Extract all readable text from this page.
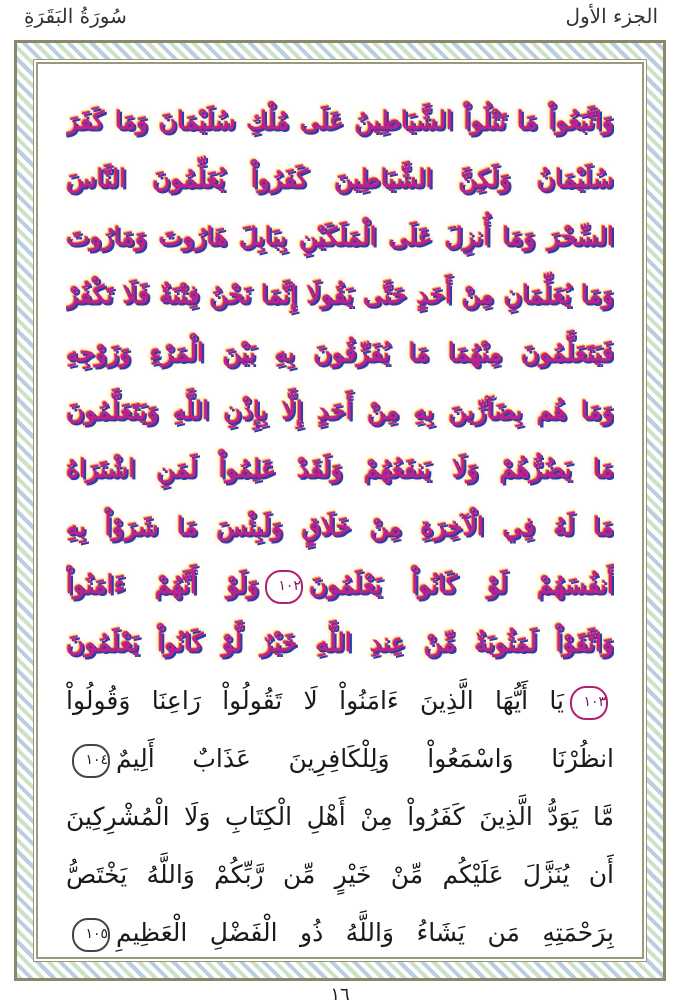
سُورَةُ البَقَرَةِ	الجزء الأول
وَاتَّبَعُواْ مَا تَتْلُواْ الشَّيَاطِينُ عَلَى مُلْكِ سُلَيْمَانَ وَمَا كَفَرَ
سُلَيْمَانُ وَلَكِنَّ الشَّيَاطِينَ كَفَرُواْ يُعَلِّمُونَ النَّاسَ
السِّحْرَ وَمَا أُنزِلَ عَلَى الْمَلَكَيْنِ بِبَابِلَ هَارُوتَ وَمَارُوتَ
وَمَا يُعَلِّمَانِ مِنْ أَحَدٍ حَتَّى يَقُولَا إِنَّمَا نَحْنُ فِتْنَةٌ فَلَا تَكْفُرْ
فَيَتَعَلَّمُونَ مِنْهُمَا مَا يُفَرِّقُونَ بِهِ بَيْنَ الْمَرْءِ وَزَوْجِهِ
وَمَا هُم بِضَآرِّينَ بِهِ مِنْ أَحَدٍ إِلَّا بِإِذْنِ اللَّهِ وَيَتَعَلَّمُونَ
مَا يَضُرُّهُمْ وَلَا يَنفَعُهُمْ وَلَقَدْ عَلِمُواْ لَمَنِ اشْتَرَاهُ
مَا لَهُ فِي الْآخِرَةِ مِنْ خَلَاقٍ وَلَبِئْسَ مَا شَرَوْاْ بِهِ
أَنفُسَهُمْ لَوْ كَانُواْ يَعْلَمُونَ١٠٢وَلَوْ أَنَّهُمْ ءَامَنُواْ
وَاتَّقَوْاْ لَمَثُوبَةٌ مِّنْ عِندِ اللَّهِ خَيْرٌ لَّوْ كَانُواْ يَعْلَمُونَ
١٠٣يَا أَيُّهَا الَّذِينَ ءَامَنُواْ لَا تَقُولُواْ رَاعِنَا وَقُولُواْ
انظُرْنَا وَاسْمَعُواْ وَلِلْكَافِرِينَ عَذَابٌ أَلِيمٌ١٠٤
مَّا يَوَدُّ الَّذِينَ كَفَرُواْ مِنْ أَهْلِ الْكِتَابِ وَلَا الْمُشْرِكِينَ
أَن يُنَزَّلَ عَلَيْكُم مِّنْ خَيْرٍ مِّن رَّبِّكُمْ وَاللَّهُ يَخْتَصُّ
بِرَحْمَتِهِ مَن يَشَاءُ وَاللَّهُ ذُو الْفَضْلِ الْعَظِيمِ١٠٥
١٦
